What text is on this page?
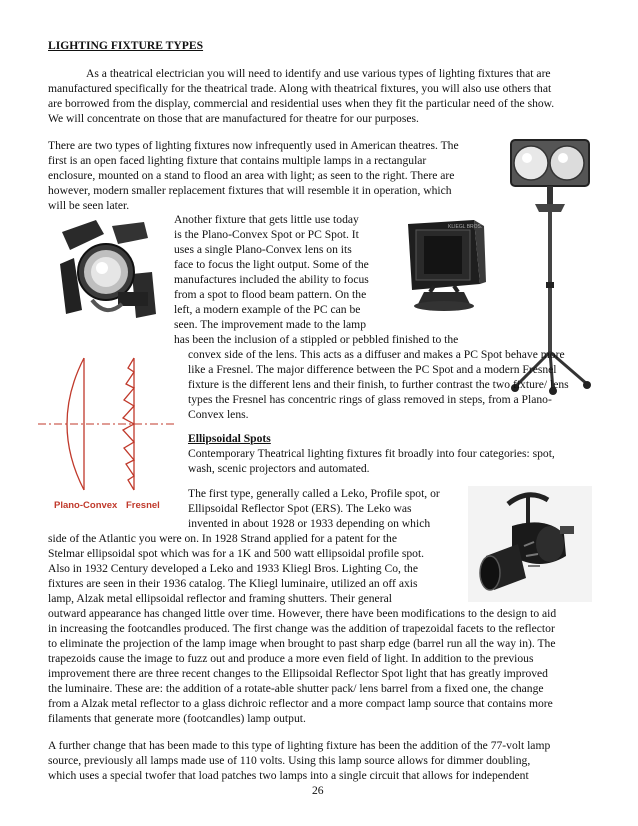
LIGHTING FIXTURE TYPES
As a theatrical electrician you will need to identify and use various types of lighting fixtures that are
manufactured specifically for the theatrical trade. Along with theatrical fixtures, you will also use others that
are borrowed from the display, commercial and residential uses when they fit the particular need of the show.
We will concentrate on those that are manufactured for theatre for our purposes.
There are two types of lighting fixtures now infrequently used in American theatres. The
first is an open faced lighting fixture that contains multiple lamps in a rectangular
enclosure, mounted on a stand to flood an area with light; as seen to the right. There are
however, modern smaller replacement fixtures that will resemble it in operation, which
will be seen later.
KLIEGL BROS.
Another fixture that gets little use today
is the Plano-Convex Spot or PC Spot. It
uses a single Plano-Convex lens on its
face to focus the light output. Some of the
manufactures included the ability to focus
from a spot to flood beam pattern. On the
left, a modern example of the PC can be
seen. The improvement made to the lamp
has been the inclusion of a stippled or pebbled finished to the
Plano-Convex Fresnel
convex side of the lens. This acts as a diffuser and makes a PC Spot behave more
like a Fresnel. The major difference between the PC Spot and a modern Fresnel
fixture is the different lens and their finish, to further contrast the two fixture/ lens
types the Fresnel has concentric rings of glass removed in steps, from a Plano-
Convex lens.
Ellipsoidal Spots
Contemporary Theatrical lighting fixtures fit broadly into four categories: spot,
wash, scenic projectors and automated.
The first type, generally called a Leko, Profile spot, or
Ellipsoidal Reflector Spot (ERS). The Leko was
invented in about 1928 or 1933 depending on which
side of the Atlantic you were on. In 1928 Strand applied for a patent for the
Stelmar ellipsoidal spot which was for a 1K and 500 watt ellipsoidal profile spot.
Also in 1932 Century developed a Leko and 1933 Kliegl Bros. Lighting Co, the
fixtures are seen in their 1936 catalog. The Kliegl luminaire, utilized an off axis
lamp, Alzak metal ellipsoidal reflector and framing shutters. Their general
outward appearance has changed little over time. However, there have been modifications to the design to aid
in increasing the footcandles produced. The first change was the addition of trapezoidal facets to the reflector
to eliminate the projection of the lamp image when brought to past sharp edge (barrel run all the way in). The
trapezoids cause the image to fuzz out and produce a more even field of light. In addition to the previous
improvement there are three recent changes to the Ellipsoidal Reflector Spot light that has greatly improved
the luminaire. These are: the addition of a rotate-able shutter pack/ lens barrel from a fixed one, the change
from a Alzak metal reflector to a glass dichroic reflector and a more compact lamp source that contains more
filaments that generate more (footcandles) lamp output.
A further change that has been made to this type of lighting fixture has been the addition of the 77-volt lamp
source, previously all lamps made use of 110 volts. Using this lamp source allows for dimmer doubling,
which uses a special twofer that load patches two lamps into a single circuit that allows for independent
26
